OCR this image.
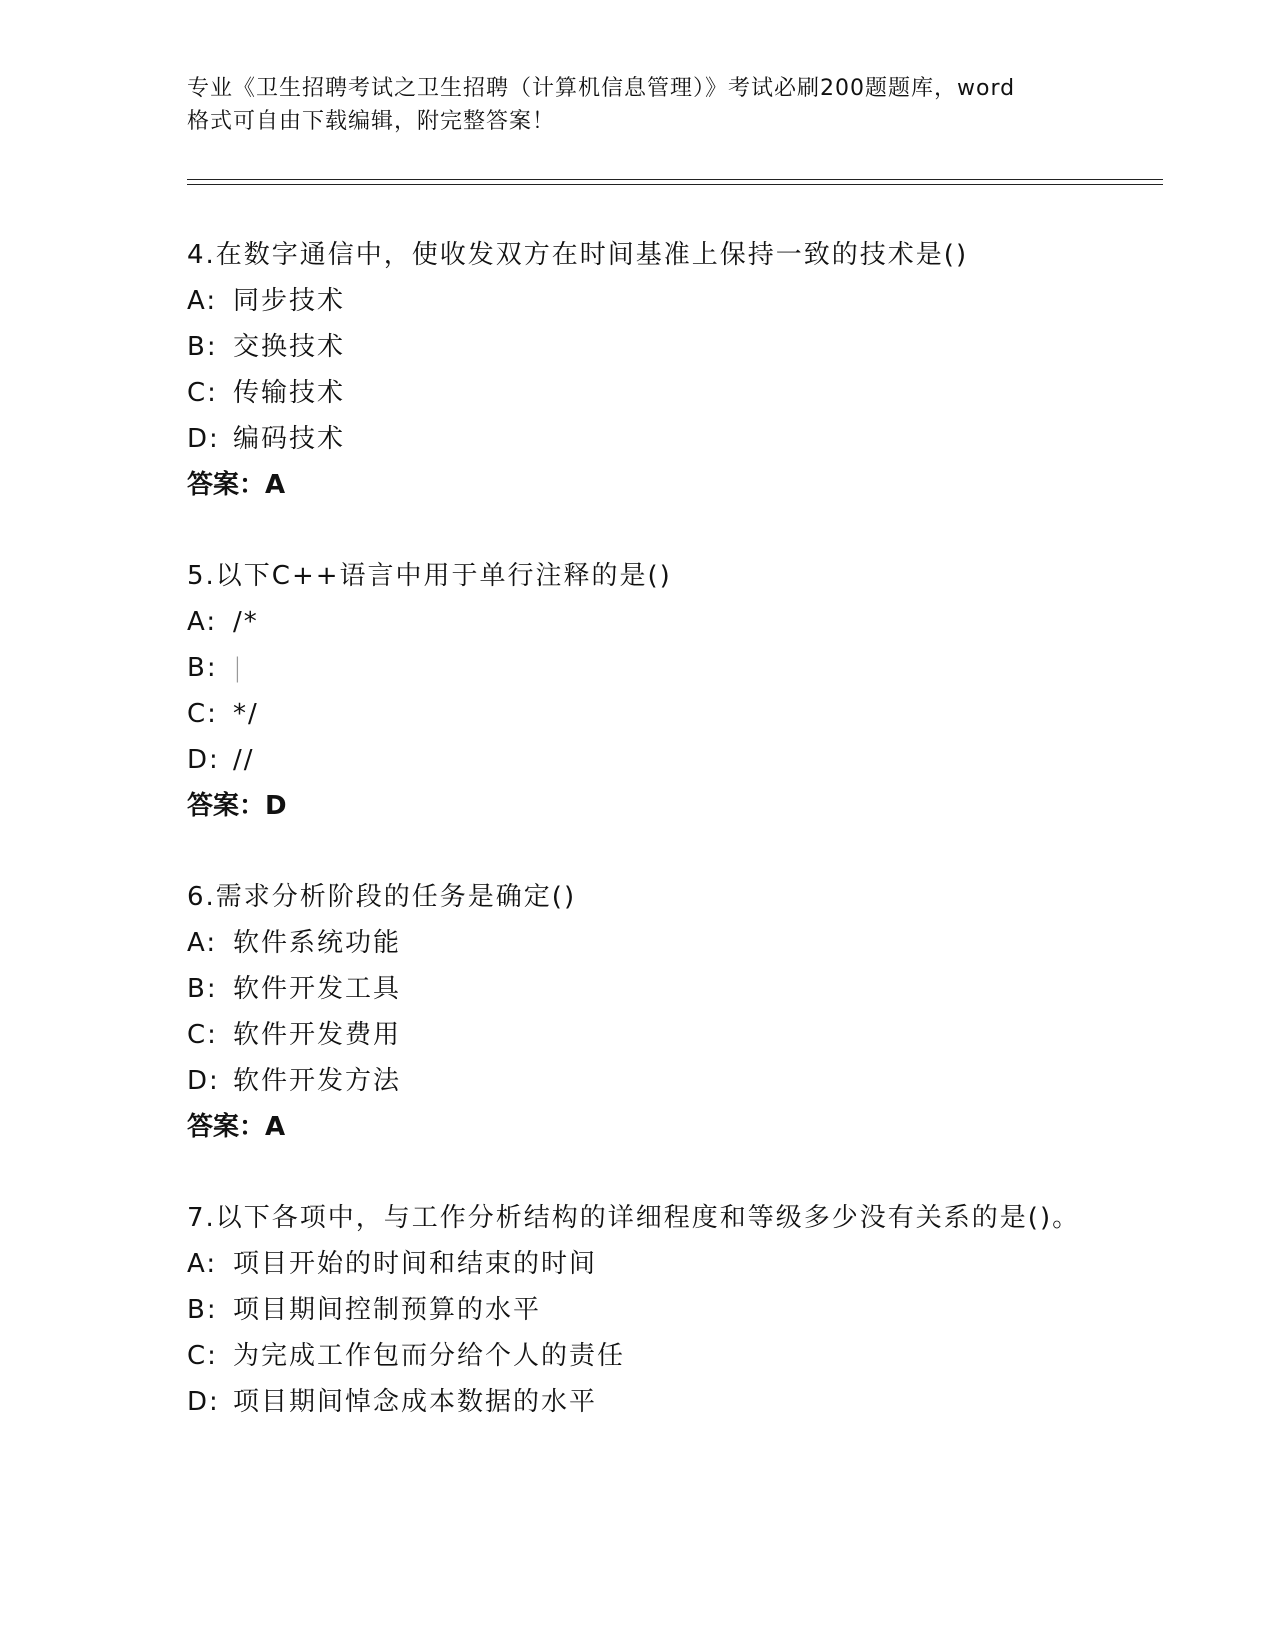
专业《卫生招聘考试之卫生招聘（计算机信息管理）》考试必刷200题题库，word
格式可自由下载编辑，附完整答案！

4.在数字通信中，使收发双方在时间基准上保持一致的技术是()

A: 同步技术

B: 交换技术

C: 传输技术

D: 编码技术

答案：A

5.以下C++语言中用于单行注释的是()

A: /*

B: |

C: */

D: //

答案：D

6.需求分析阶段的任务是确定()

A: 软件系统功能

B: 软件开发工具

C: 软件开发费用

D: 软件开发方法

答案：A

7.以下各项中，与工作分析结构的详细程度和等级多少没有关系的是()。

A: 项目开始的时间和结束的时间

B: 项目期间控制预算的水平

C: 为完成工作包而分给个人的责任

D: 项目期间悼念成本数据的水平
